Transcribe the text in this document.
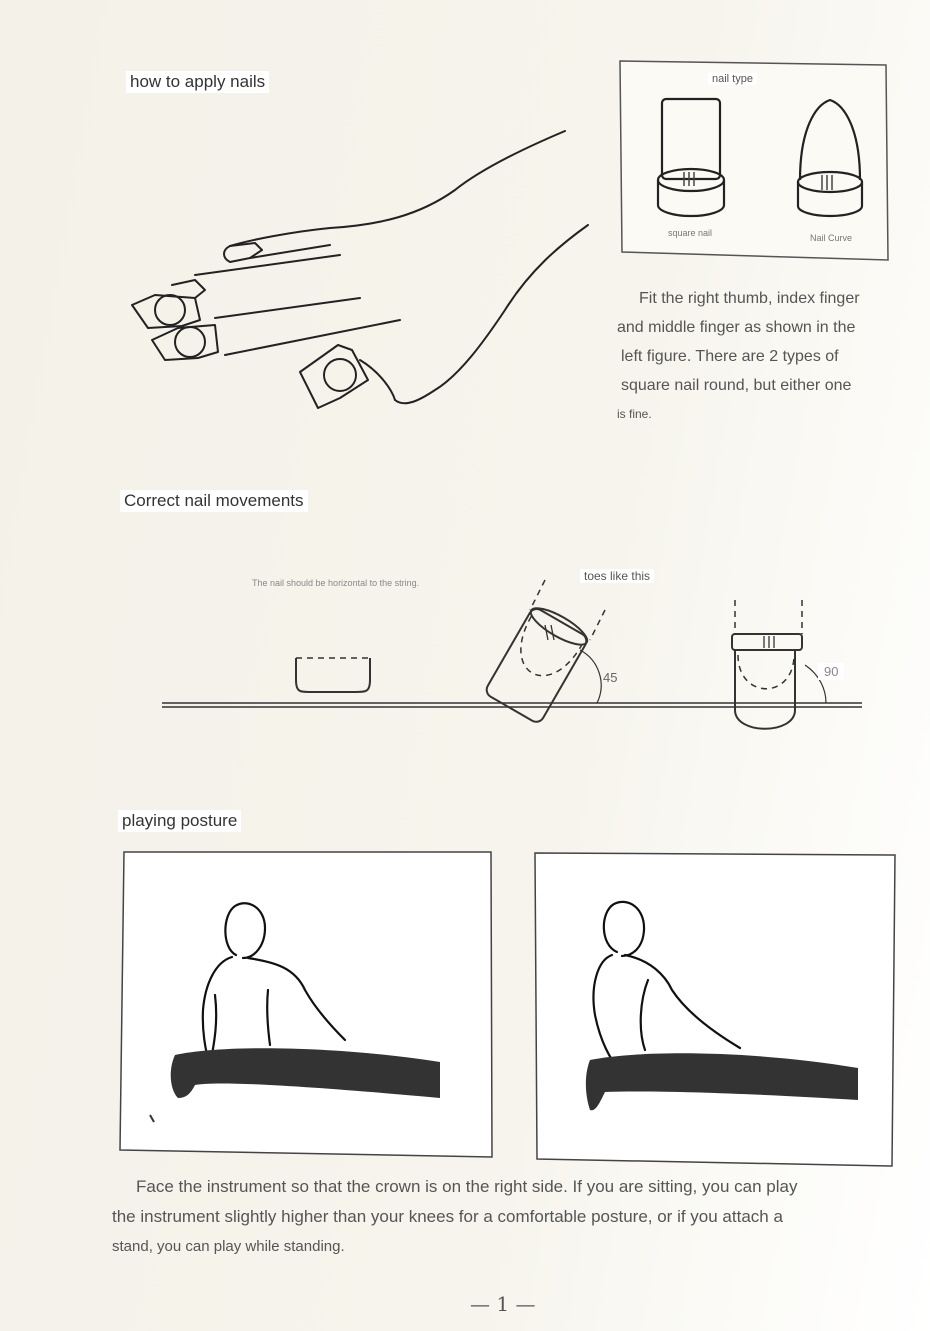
how to apply nails	nail type
square nail	Nail Curve
Fit the right thumb, index finger
and middle finger as shown in the
left figure. There are 2 types of
square nail round, but either one
is fine.
Correct nail movements
The nail should be horizontal to the string.	toes like this
45	90
playing posture
Face the instrument so that the crown is on the right side. If you are sitting, you can play
the instrument slightly higher than your knees for a comfortable posture, or if you attach a
stand, you can play while standing.
— 1 —
